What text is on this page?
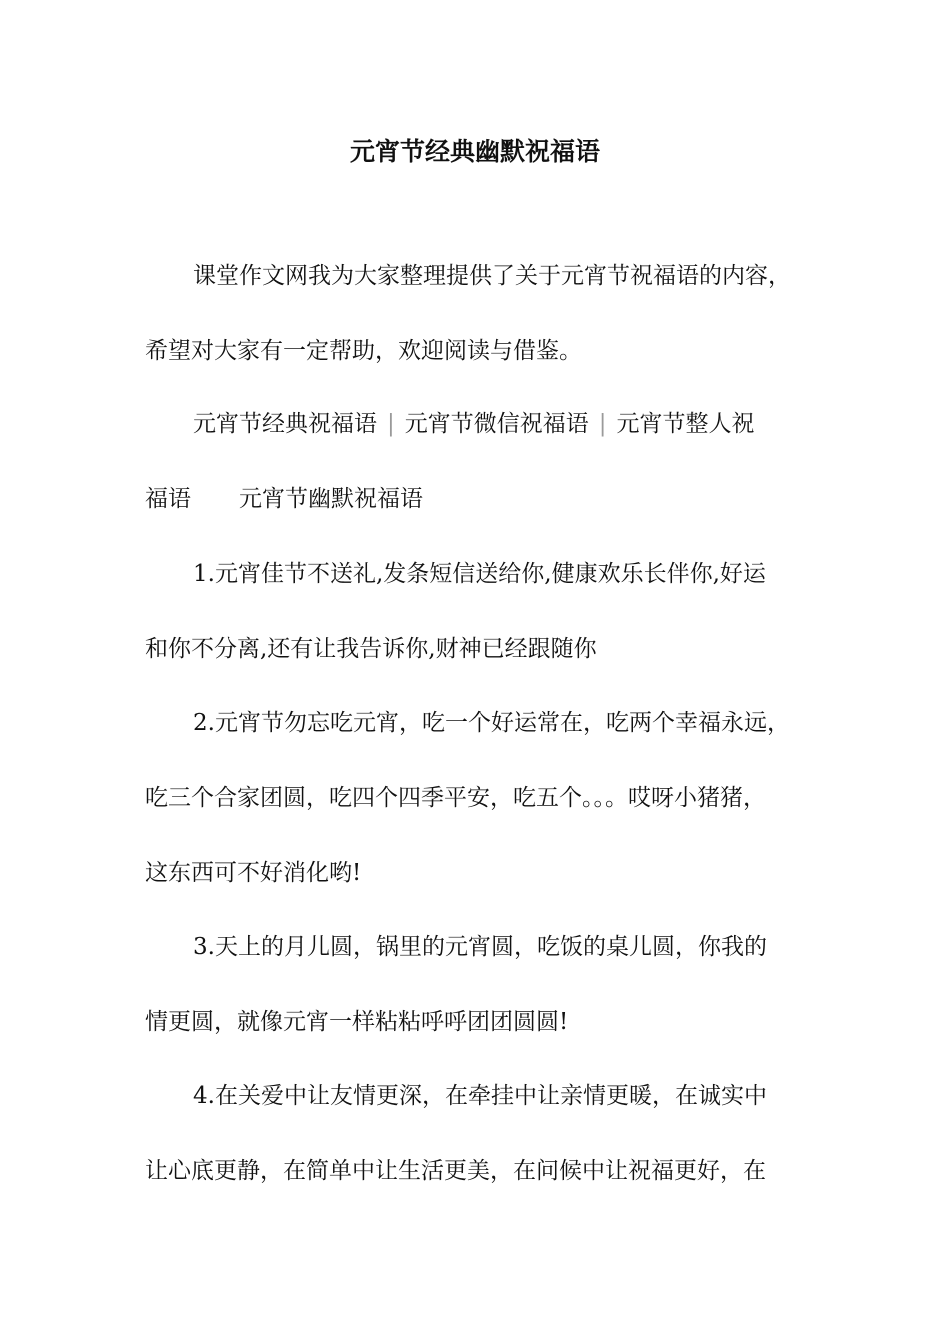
元宵节经典幽默祝福语
课堂作文网我为大家整理提供了关于元宵节祝福语的内容，
希望对大家有一定帮助，欢迎阅读与借鉴。
元宵节经典祝福语 | 元宵节微信祝福语 | 元宵节整人祝
福语 元宵节幽默祝福语
1.元宵佳节不送礼,发条短信送给你,健康欢乐长伴你,好运
和你不分离,还有让我告诉你,财神已经跟随你
2.元宵节勿忘吃元宵，吃一个好运常在，吃两个幸福永远，
吃三个合家团圆，吃四个四季平安，吃五个。。。哎呀小猪猪，
这东西可不好消化哟!
3.天上的月儿圆，锅里的元宵圆，吃饭的桌儿圆，你我的
情更圆，就像元宵一样粘粘呼呼团团圆圆!
4.在关爱中让友情更深，在牵挂中让亲情更暖，在诚实中
让心底更静，在简单中让生活更美，在问候中让祝福更好，在
